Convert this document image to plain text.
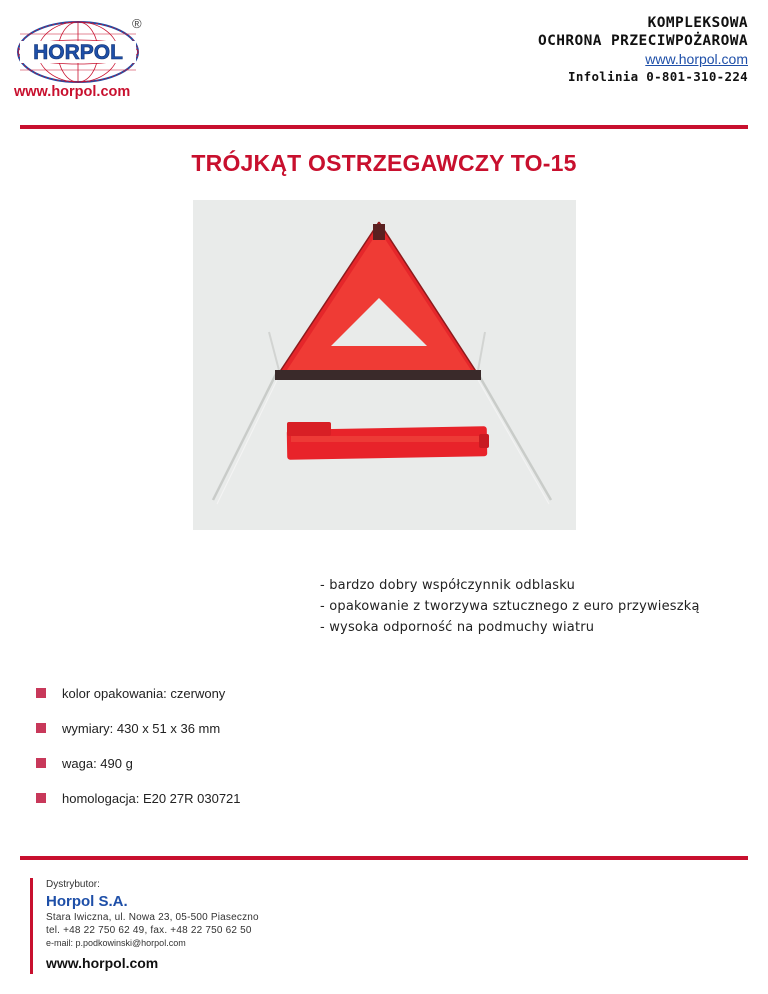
HORPOL
®
www.horpol.com
KOMPLEKSOWA
OCHRONA PRZECIWPOŻAROWA
www.horpol.com
Infolinia 0-801-310-224
TRÓJKĄT OSTRZEGAWCZY TO-15
- bardzo dobry współczynnik odblasku
- opakowanie z tworzywa sztucznego z euro przywieszką
- wysoka odporność na podmuchy wiatru
kolor opakowania: czerwony
wymiary: 430 x 51 x 36 mm
waga: 490 g
homologacja: E20 27R 030721
Dystrybutor:
Horpol S.A.
Stara Iwiczna, ul. Nowa 23, 05-500 Piaseczno
tel. +48 22 750 62 49, fax. +48 22 750 62 50
e-mail: p.podkowinski@horpol.com
www.horpol.com
